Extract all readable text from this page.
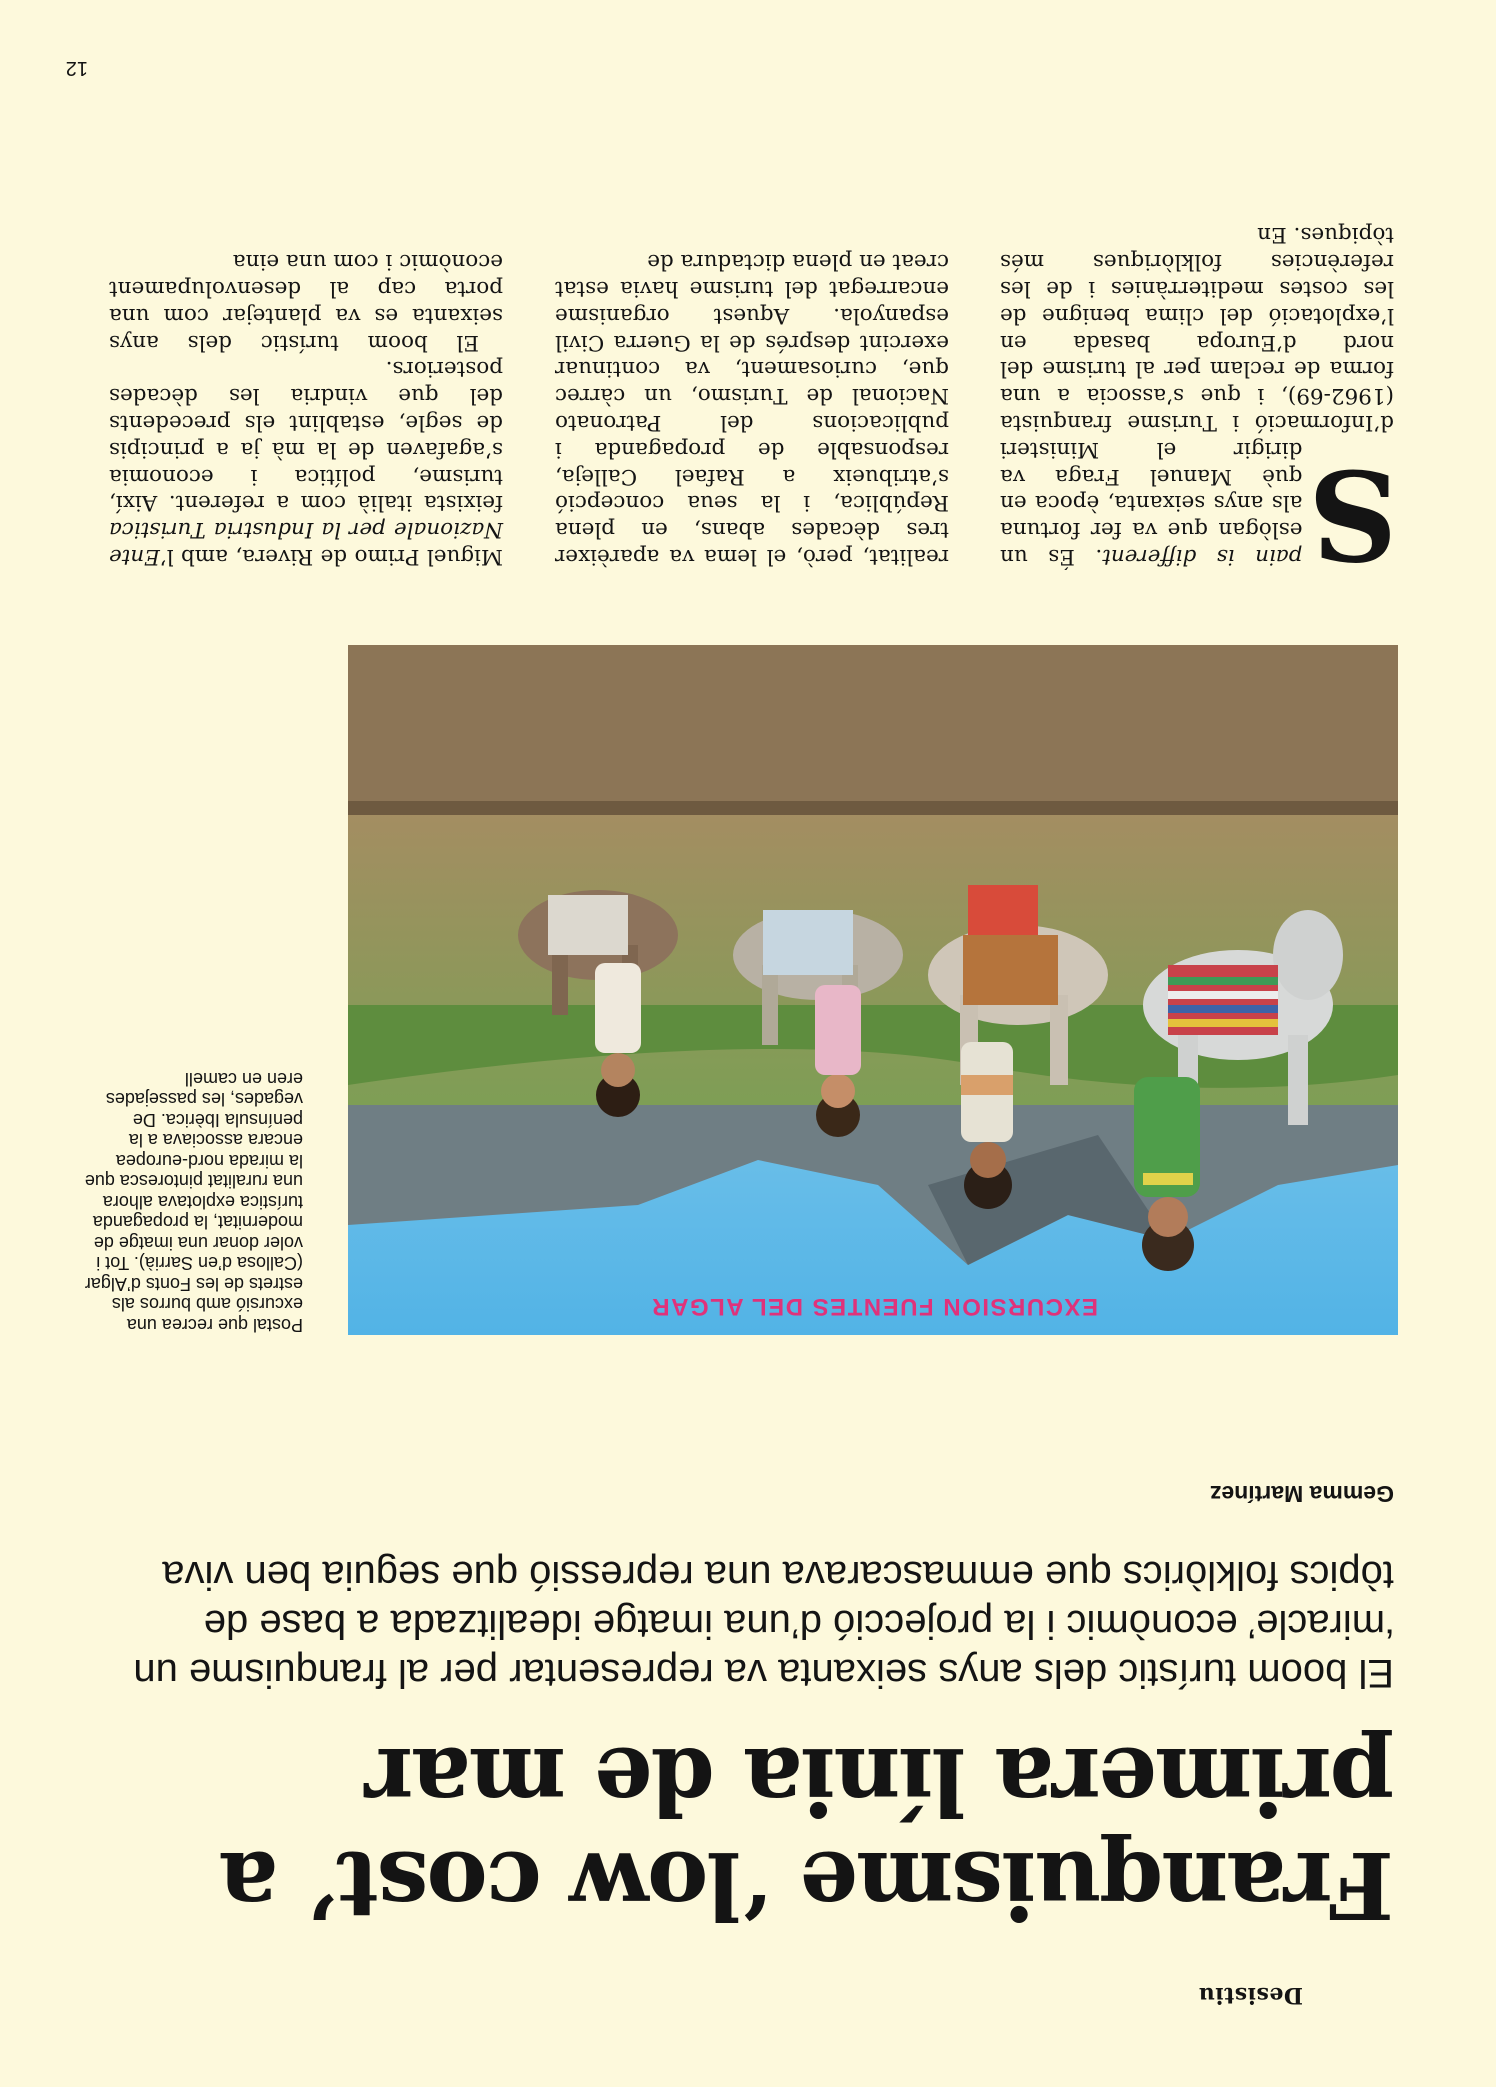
Desistiu
12
Franquisme ‘low cost’ a primera línia de mar

El boom turístic dels anys seixanta va representar per al franquisme un ‘miracle’ econòmic i la projecció d’una imatge idealitzada a base de tòpics folklòrics que emmascarava una repressió que seguia ben viva

Gemma Martínez
EXCURSION FUENTES DEL ALGAR

Postal que recrea una excursió amb burros als estrets de les Fonts d’Algar (Callosa d’en Sarrià). Tot i voler donar una imatge de modernitat, la propaganda turística explotava alhora una ruralitat pintoresca que la mirada nord-europea encara associava a la península Ibèrica. De vegades, les passejades eren en camell

S
pain is different. És un eslògan que va fer fortuna als anys seixanta, època en què Manuel Fraga va dirigir el Ministeri d’Informació i Turisme franquista (1962-69), i que s’associa a una forma de reclam per al turisme del nord d’Europa basada en l’explotació del clima benigne de les costes mediterrànies i de les referències folklòriques més tòpiques. En
realitat, però, el lema va aparèixer tres dècades abans, en plena República, i la seua concepció s’atribueix a Rafael Calleja, responsable de propaganda i publicacions del Patronato Nacional de Turismo, un càrrec que, curiosament, va continuar exercint després de la Guerra Civil espanyola. Aquest organisme encarregat del turisme havia estat creat en plena dictadura de
Miguel Primo de Rivera, amb l’Ente Nazionale per la Industria Turistica feixista italià com a referent. Així, turisme, política i economia s’agafaven de la mà ja a principis de segle, establint els precedents del que vindria les dècades posteriors.
El boom turístic dels anys seixanta es va plantejar com una porta cap al desenvolupament econòmic i com una eina
